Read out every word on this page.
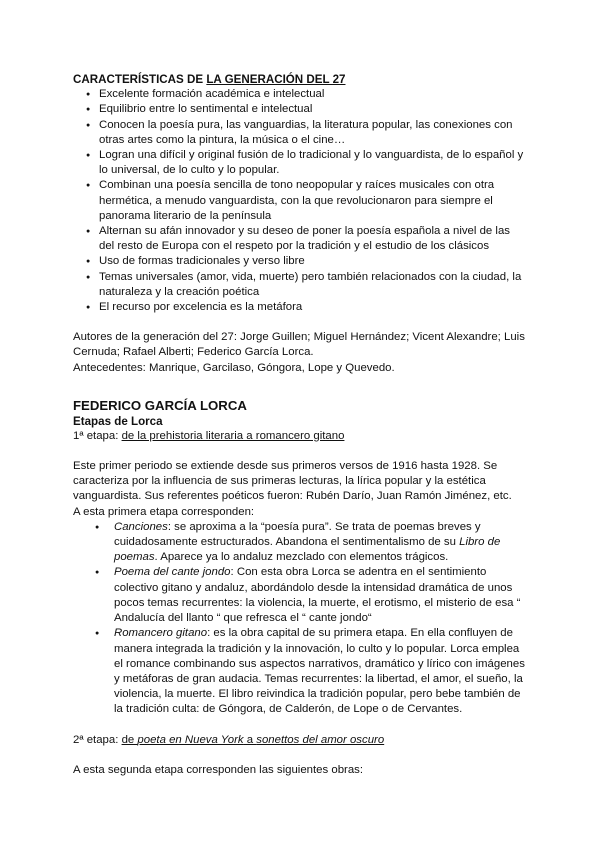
CARACTERÍSTICAS DE LA GENERACIÓN DEL 27
● Excelente formación académica e intelectual
● Equilibrio entre lo sentimental e intelectual
● Conocen la poesía pura, las vanguardias, la literatura popular, las conexiones con otras artes como la pintura, la música o el cine…
● Logran una difícil y original fusión de lo tradicional y lo vanguardista, de lo español y lo universal, de lo culto y lo popular.
● Combinan una poesía sencilla de tono neopopular y raíces musicales con otra hermética, a menudo vanguardista, con la que revolucionaron para siempre el panorama literario de la península
● Alternan su afán innovador y su deseo de poner la poesía española a nivel de las del resto de Europa con el respeto por la tradición y el estudio de los clásicos
● Uso de formas tradicionales y verso libre
● Temas universales (amor, vida, muerte) pero también relacionados con la ciudad, la naturaleza y la creación poética
● El recurso por excelencia es la metáfora

Autores de la generación del 27: Jorge Guillen; Miguel Hernández; Vicent Alexandre; Luis Cernuda; Rafael Alberti; Federico García Lorca.

Antecedentes: Manrique, Garcilaso, Góngora, Lope y Quevedo.

FEDERICO GARCÍA LORCA
Etapas de Lorca

1ª etapa: de la prehistoria literaria a romancero gitano

Este primer periodo se extiende desde sus primeros versos de 1916 hasta 1928. Se caracteriza por la influencia de sus primeras lecturas, la lírica popular y la estética vanguardista. Sus referentes poéticos fueron: Rubén Darío, Juan Ramón Jiménez, etc.

A esta primera etapa corresponden:

● Canciones: se aproxima a la “poesía pura”. Se trata de poemas breves y cuidadosamente estructurados. Abandona el sentimentalismo de su Libro de poemas. Aparece ya lo andaluz mezclado con elementos trágicos.
● Poema del cante jondo: Con esta obra Lorca se adentra en el sentimiento colectivo gitano y andaluz, abordándolo desde la intensidad dramática de unos pocos temas recurrentes: la violencia, la muerte, el erotismo, el misterio de esa “ Andalucía del llanto “ que refresca el “ cante jondo“
● Romancero gitano: es la obra capital de su primera etapa. En ella confluyen de manera integrada la tradición y la innovación, lo culto y lo popular. Lorca emplea el romance combinando sus aspectos narrativos, dramático y lírico con imágenes y metáforas de gran audacia. Temas recurrentes: la libertad, el amor, el sueño, la violencia, la muerte. El libro reivindica la tradición popular, pero bebe también de la tradición culta: de Góngora, de Calderón, de Lope o de Cervantes.

2ª etapa: de poeta en Nueva York a sonettos del amor oscuro

A esta segunda etapa corresponden las siguientes obras:
